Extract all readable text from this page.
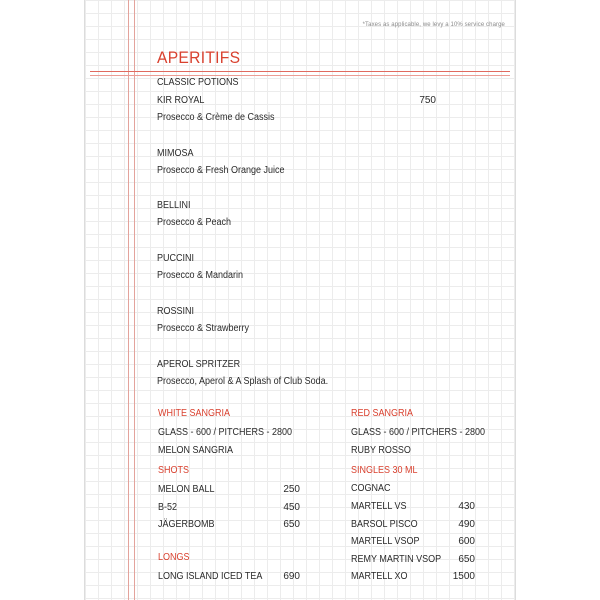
*Taxes as applicable, we levy a 10% service charge
APERITIFS
CLASSIC POTIONS
KIR ROYAL	750
Prosecco & Crème de Cassis
MIMOSA
Prosecco & Fresh Orange Juice
BELLINI
Prosecco & Peach
PUCCINI
Prosecco & Mandarin
ROSSINI
Prosecco & Strawberry
APEROL SPRITZER
Prosecco, Aperol & A Splash of Club Soda.
WHITE SANGRIA
GLASS - 600 / PITCHERS - 2800
MELON SANGRIA
RED SANGRIA
GLASS - 600 / PITCHERS - 2800
RUBY ROSSO
SHOTS
MELON BALL	250
B-52	450
JÄGERBOMB	650
LONGS
LONG ISLAND ICED TEA	690
SINGLES 30 ML
COGNAC
MARTELL VS	430
BARSOL PISCO	490
MARTELL VSOP	600
REMY MARTIN VSOP	650
MARTELL XO	1500
